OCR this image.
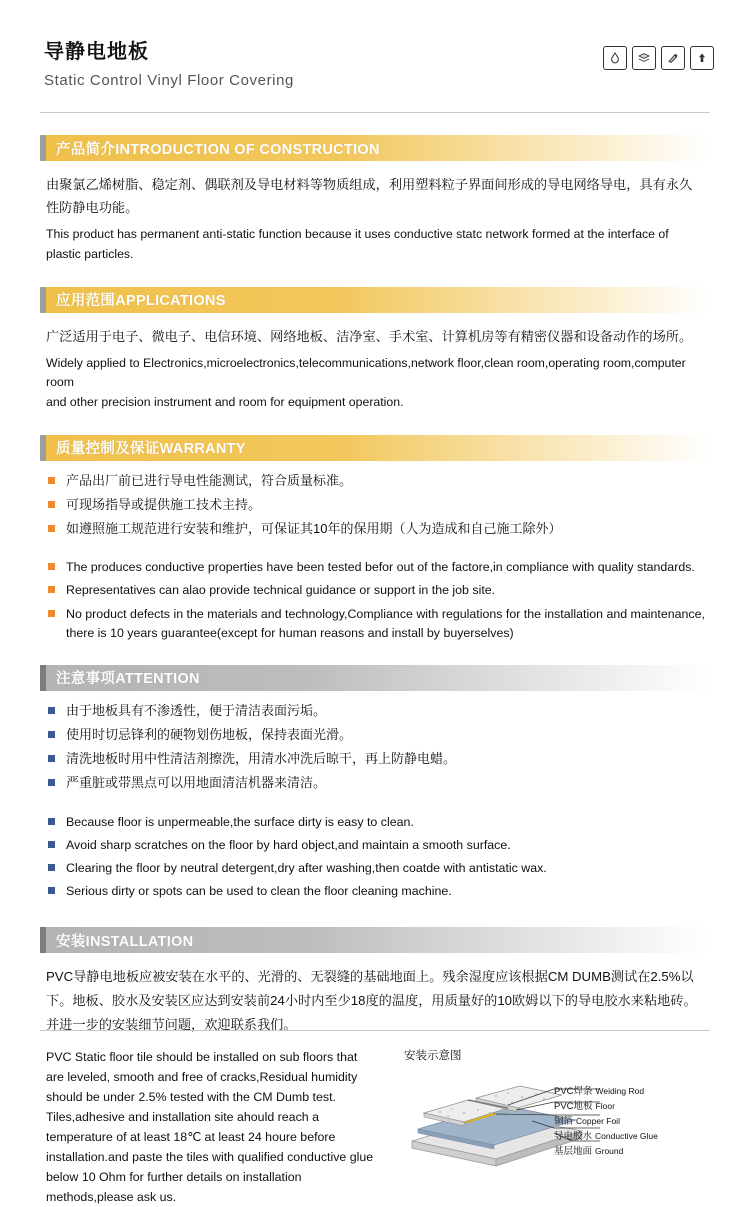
导静电地板
Static Control Vinyl Floor Covering
产品简介INTRODUCTION OF CONSTRUCTION
由聚氯乙烯树脂、稳定剂、偶联剂及导电材料等物质组成，利用塑料粒子界面间形成的导电网络导电，具有永久性防静电功能。
This product has permanent anti-static function because it uses conductive statc network formed at the interface of plastic particles.
应用范围APPLICATIONS
广泛适用于电子、微电子、电信环境、网络地板、洁净室、手术室、计算机房等有精密仪器和设备动作的场所。
Widely applied to Electronics,microelectronics,telecommunications,network floor,clean room,operating room,computer room
and other precision instrument and room for equipment operation.
质量控制及保证WARRANTY
产品出厂前已进行导电性能测试，符合质量标准。
可现场指导或提供施工技术主持。
如遵照施工规范进行安装和维护，可保证其10年的保用期（人为造成和自己施工除外）
The produces conductive properties have been tested befor out of the factore,in compliance with quality standards.
Representatives can alao provide technical guidance or support in the job site.
No product defects in the materials and technology,Compliance with regulations for the installation and maintenance, there is 10 years guarantee(except for human reasons and install by buyerselves)
注意事项ATTENTION
由于地板具有不渗透性，便于清洁表面污垢。
使用时切忌锋利的硬物划伤地板，保持表面光滑。
清洗地板时用中性清洁剂擦洗，用清水冲洗后晾干，再上防静电蜡。
严重脏或带黑点可以用地面清洁机器来清洁。
Because floor is unpermeable,the surface dirty is easy to clean.
Avoid sharp scratches on the floor by hard object,and maintain a smooth surface.
Clearing the floor by neutral detergent,dry after washing,then coatde with antistatic wax.
Serious dirty or spots can be used to clean the floor cleaning machine.
安装INSTALLATION
PVC导静电地板应被安装在水平的、光滑的、无裂缝的基础地面上。残余湿度应该根据CM DUMB测试在2.5%以下。地板、胶水及安装区应达到安装前24小时内至少18度的温度，用质量好的10欧姆以下的导电胶水来粘地砖。并进一步的安装细节问题，欢迎联系我们。
PVC Static floor tile should be installed on sub floors that are leveled, smooth and free of cracks,Residual humidity should be under 2.5% tested with the CM Dumb test. Tiles,adhesive and installation site ahould reach a temperature of at least 18℃ at least 24 houre before installation.and paste the tiles with qualified conductive glue below 10 Ohm for further details on installation methods,please ask us.
安装示意图
PVC焊条 Weiding Rod
PVC地板 Floor
铜箔 Copper Foil
导电胶水 Conductive Glue
基层地面 Ground
